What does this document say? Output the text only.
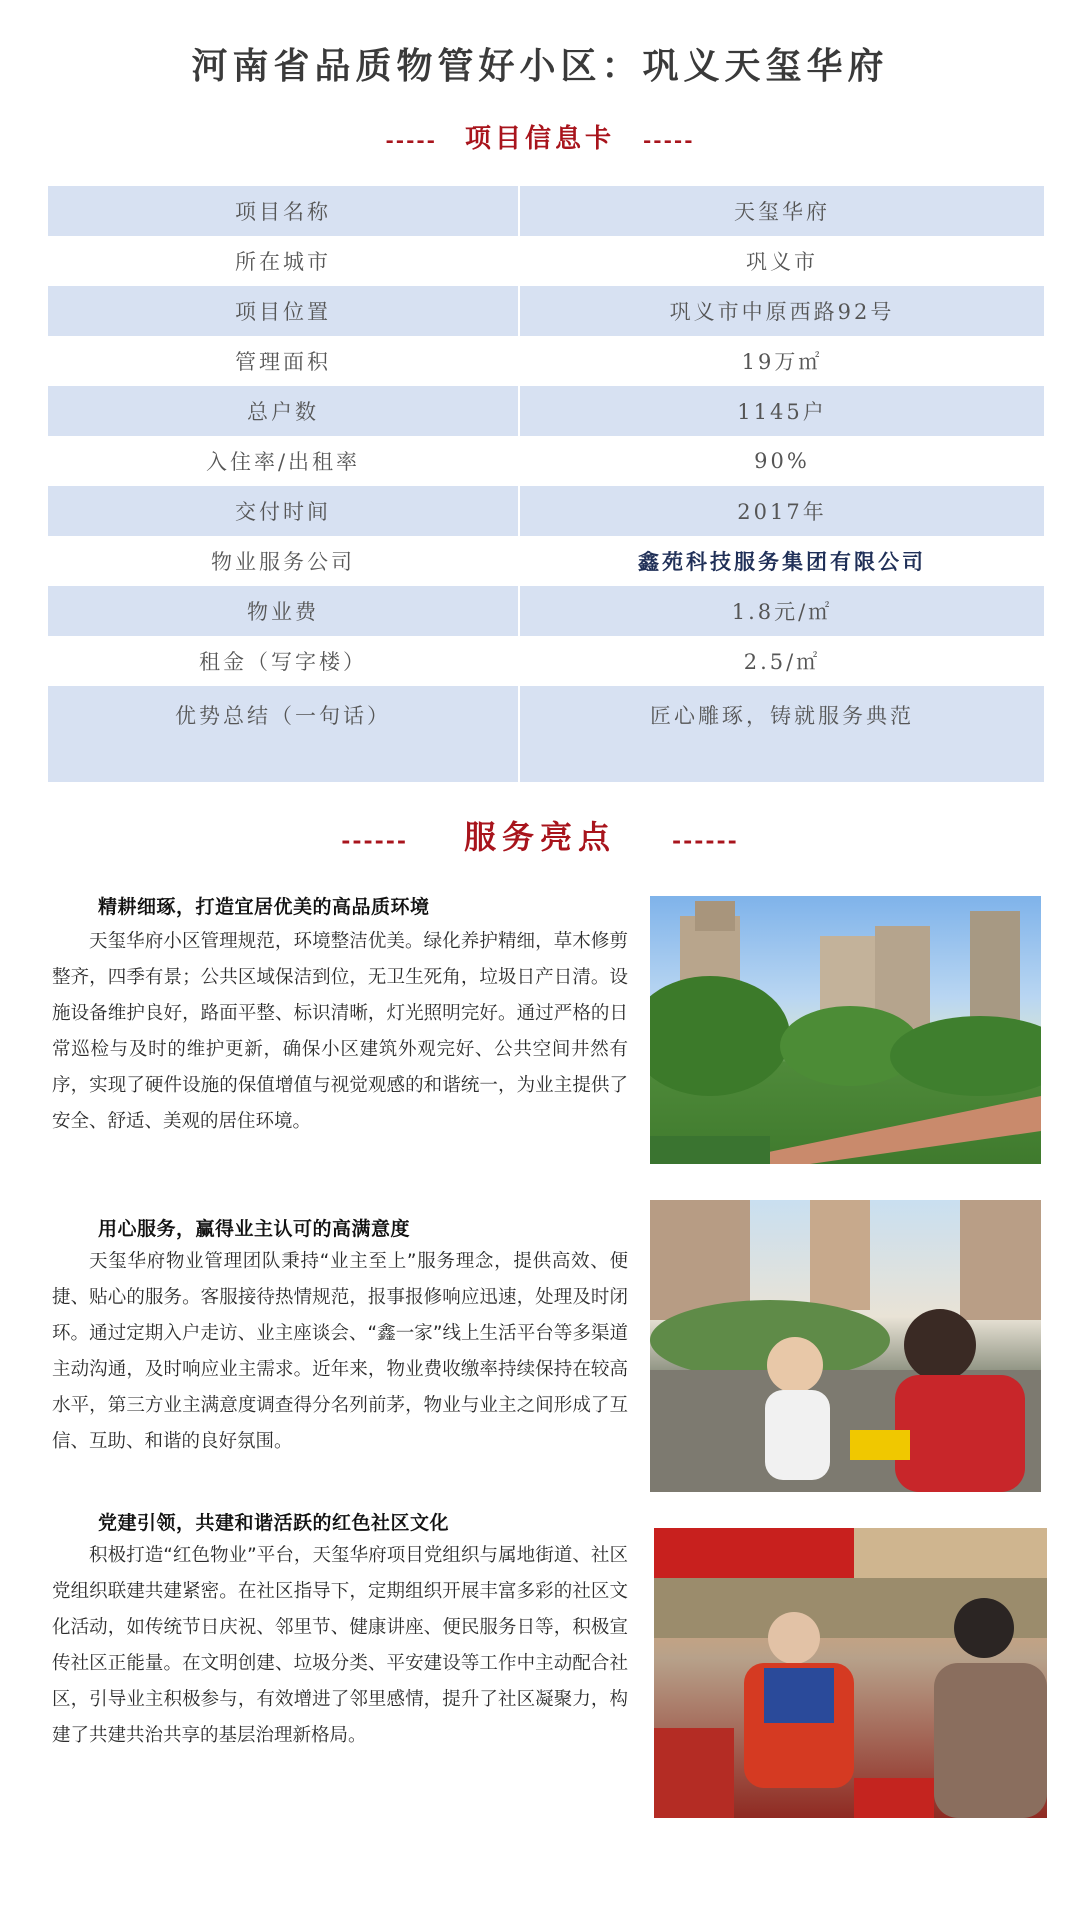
河南省品质物管好小区：巩义天玺华府
----- 项目信息卡 -----
项目名称	天玺华府
所在城市	巩义市
项目位置	巩义市中原西路92号
管理面积	19万㎡
总户数	1145户
入住率/出租率	90%
交付时间	2017年
物业服务公司	鑫苑科技服务集团有限公司
物业费	1.8元/㎡
租金（写字楼）	2.5/㎡
优势总结（一句话）	匠心雕琢，铸就服务典范
------ 服务亮点	------
精耕细琢，打造宜居优美的高品质环境
天玺华府小区管理规范，环境整洁优美。绿化养护精细，草木修剪整齐，四季有景；公共区域保洁到位，无卫生死角，垃圾日产日清。设施设备维护良好，路面平整、标识清晰，灯光照明完好。通过严格的日常巡检与及时的维护更新，确保小区建筑外观完好、公共空间井然有序，实现了硬件设施的保值增值与视觉观感的和谐统一，为业主提供了安全、舒适、美观的居住环境。
用心服务，赢得业主认可的高满意度
天玺华府物业管理团队秉持“业主至上”服务理念，提供高效、便捷、贴心的服务。客服接待热情规范，报事报修响应迅速，处理及时闭环。通过定期入户走访、业主座谈会、“鑫一家”线上生活平台等多渠道主动沟通，及时响应业主需求。近年来，物业费收缴率持续保持在较高水平，第三方业主满意度调查得分名列前茅，物业与业主之间形成了互信、互助、和谐的良好氛围。
党建引领，共建和谐活跃的红色社区文化
积极打造“红色物业”平台，天玺华府项目党组织与属地街道、社区党组织联建共建紧密。在社区指导下，定期组织开展丰富多彩的社区文化活动，如传统节日庆祝、邻里节、健康讲座、便民服务日等，积极宣传社区正能量。在文明创建、垃圾分类、平安建设等工作中主动配合社区，引导业主积极参与，有效增进了邻里感情，提升了社区凝聚力，构建了共建共治共享的基层治理新格局。
